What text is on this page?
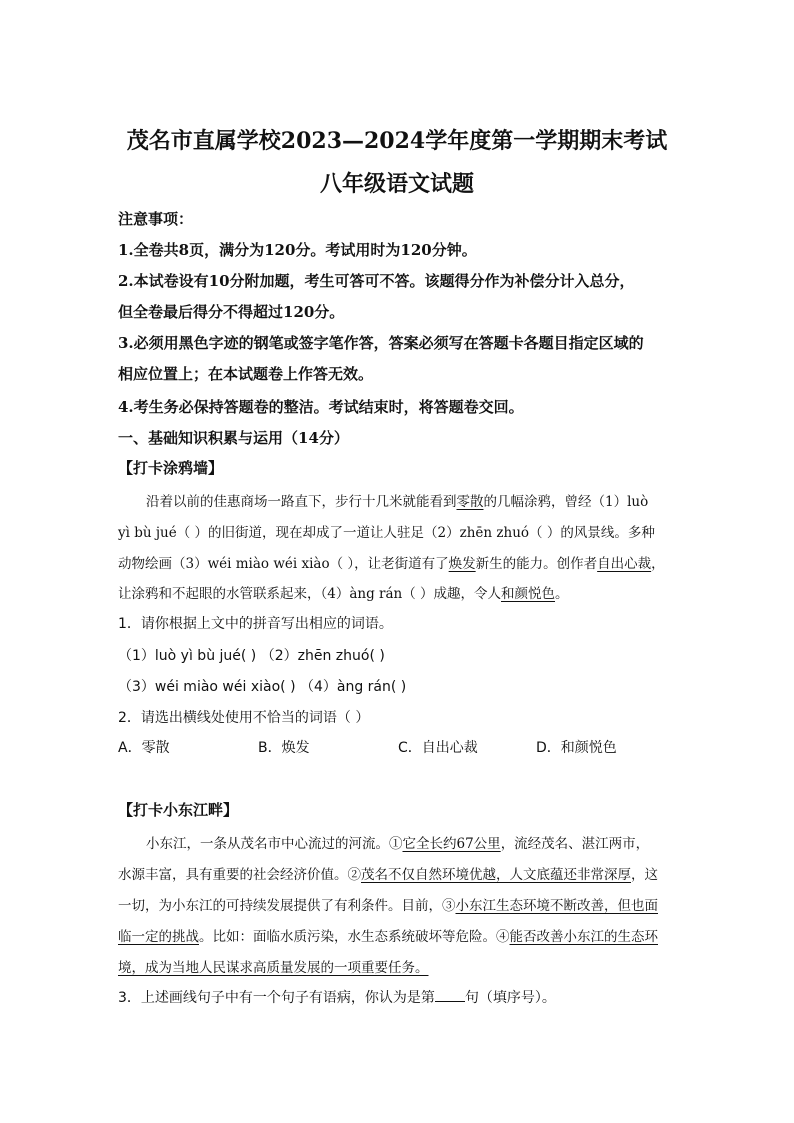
茂名市直属学校2023—2024学年度第一学期期末考试
八年级语文试题
注意事项：
1.全卷共8页，满分为120分。考试用时为120分钟。
2.本试卷设有10分附加题，考生可答可不答。该题得分作为补偿分计入总分，
但全卷最后得分不得超过120分。
3.必须用黑色字迹的钢笔或签字笔作答，答案必须写在答题卡各题目指定区域的
相应位置上；在本试题卷上作答无效。
4.考生务必保持答题卷的整洁。考试结束时，将答题卷交回。
一、基础知识积累与运用（14分）
【打卡涂鸦墙】
沿着以前的佳惠商场一路直下，步行十几米就能看到零散的几幅涂鸦，曾经（1）luò
yì bù jué（ ）的旧街道，现在却成了一道让人驻足（2）zhēn zhuó（ ）的风景线。多种
动物绘画（3）wéi miào wéi xiào（ ），让老街道有了焕发新生的能力。创作者自出心裁，
让涂鸦和不起眼的水管联系起来，（4）àng rán（ ）成趣，令人和颜悦色。
1．请你根据上文中的拼音写出相应的词语。
（1）luò yì bù jué( ) （2）zhēn zhuó( )
（3）wéi miào wéi xiào( ) （4）àng rán( )
2．请选出横线处使用不恰当的词语（ ）
A．零散	B．焕发	C．自出心裁	D．和颜悦色
【打卡小东江畔】
小东江，一条从茂名市中心流过的河流。①它全长约67公里，流经茂名、湛江两市，
水源丰富，具有重要的社会经济价值。②茂名不仅自然环境优越，人文底蕴还非常深厚，这
一切，为小东江的可持续发展提供了有利条件。目前，③小东江生态环境不断改善，但也面
临一定的挑战。比如：面临水质污染，水生态系统破坏等危险。④能否改善小东江的生态环
境，成为当地人民谋求高质量发展的一项重要任务。
3．上述画线句子中有一个句子有语病，你认为是第 句（填序号）。
